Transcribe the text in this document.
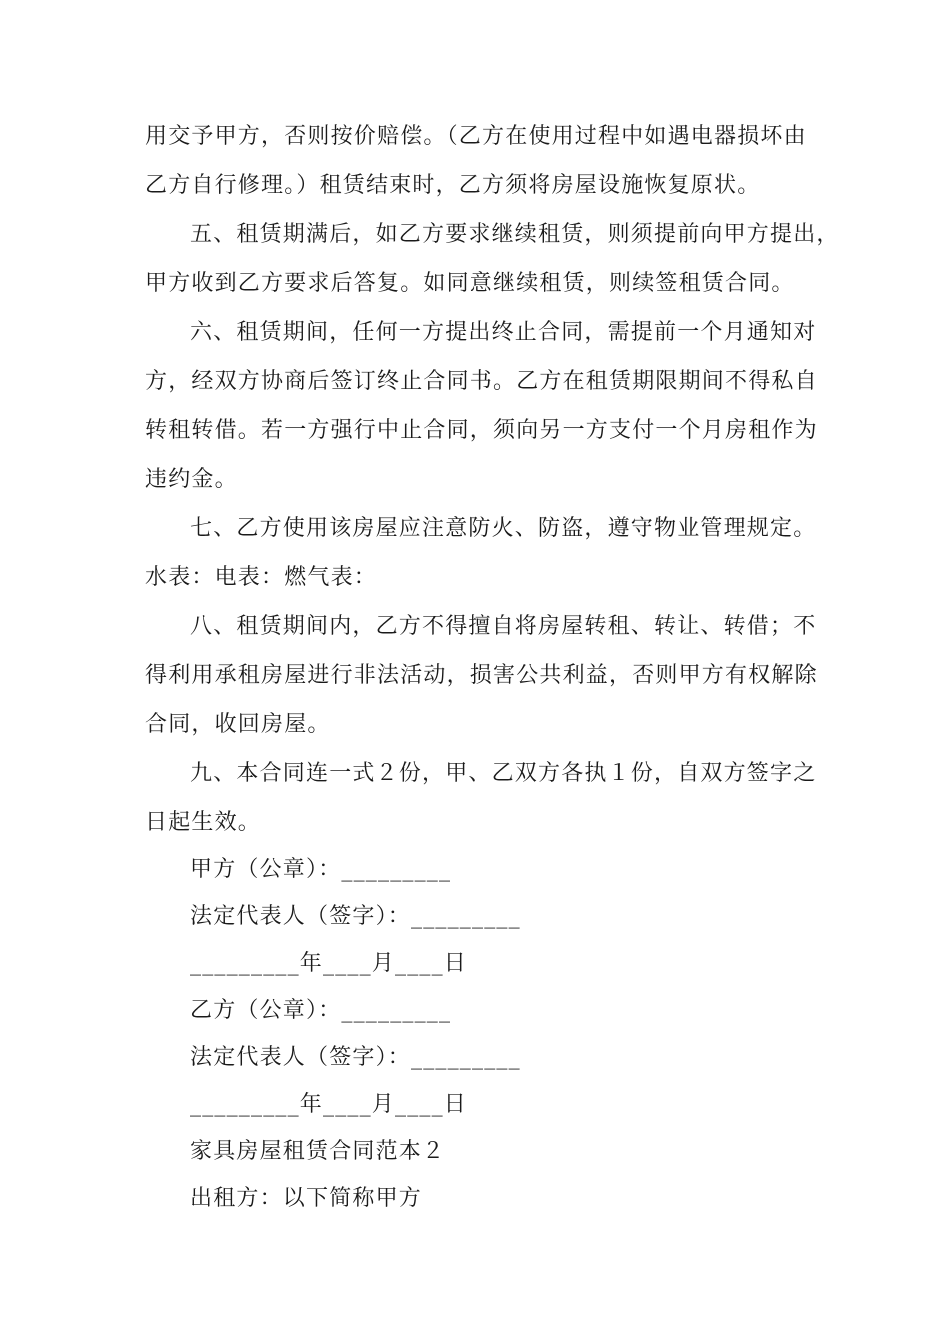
用交予甲方，否则按价赔偿。（乙方在使用过程中如遇电器损坏由
乙方自行修理。）租赁结束时，乙方须将房屋设施恢复原状。
五、租赁期满后，如乙方要求继续租赁，则须提前向甲方提出，
甲方收到乙方要求后答复。如同意继续租赁，则续签租赁合同。
六、租赁期间，任何一方提出终止合同，需提前一个月通知对
方，经双方协商后签订终止合同书。乙方在租赁期限期间不得私自
转租转借。若一方强行中止合同，须向另一方支付一个月房租作为
违约金。
七、乙方使用该房屋应注意防火、防盗，遵守物业管理规定。
水表：电表：燃气表：
八、租赁期间内，乙方不得擅自将房屋转租、转让、转借；不
得利用承租房屋进行非法活动，损害公共利益，否则甲方有权解除
合同，收回房屋。
九、本合同连一式２份，甲、乙双方各执１份，自双方签字之
日起生效。
甲方（公章）：_________
法定代表人（签字）：_________
_________年____月____日
乙方（公章）：_________
法定代表人（签字）：_________
_________年____月____日
家具房屋租赁合同范本２
出租方：以下简称甲方
